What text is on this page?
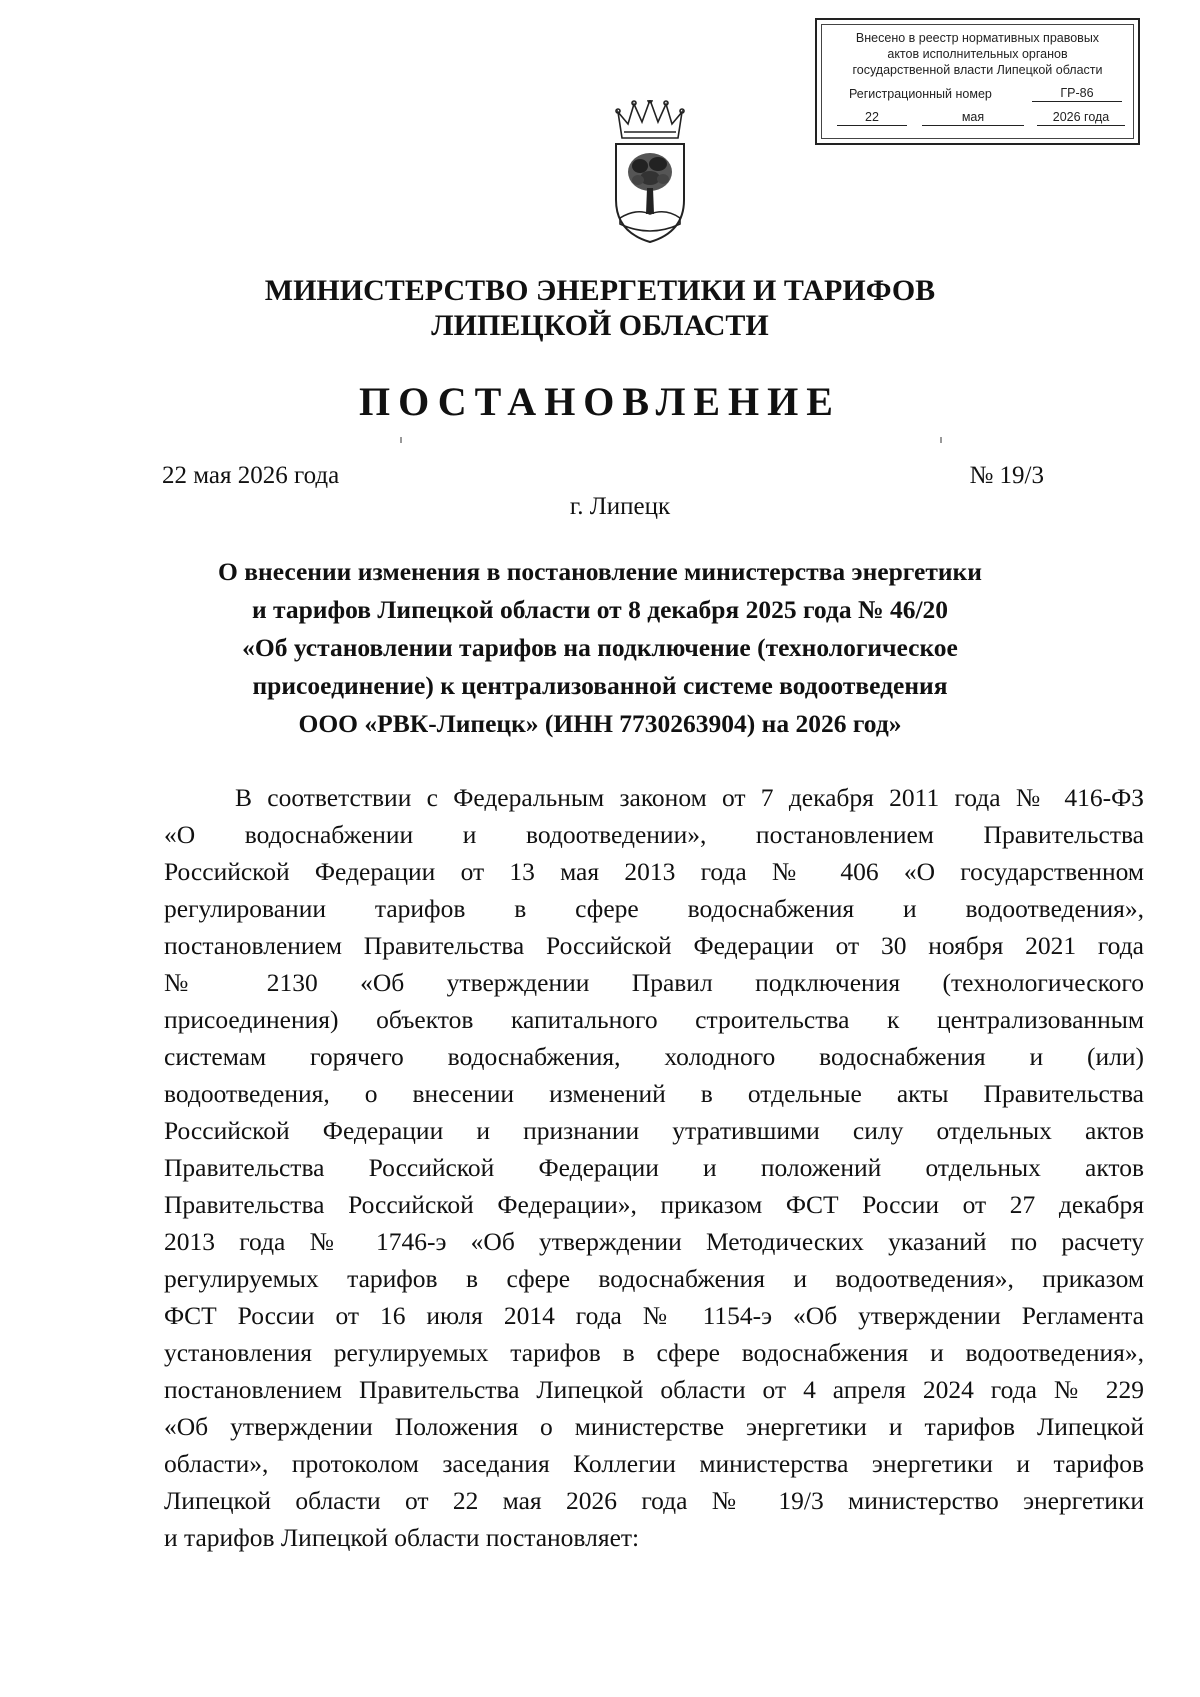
Внесено в реестр нормативных правовых
актов исполнительных органов
государственной власти Липецкой области
Регистрационный номер	ГР-86
22	мая	2026 года
МИНИСТЕРСТВО ЭНЕРГЕТИКИ И ТАРИФОВ
ЛИПЕЦКОЙ ОБЛАСТИ
ПОСТАНОВЛЕНИЕ
22 мая 2026 года	№ 19/3
г. Липецк
О внесении изменения в постановление министерства энергетики
и тарифов Липецкой области от 8 декабря 2025 года № 46/20
«Об установлении тарифов на подключение (технологическое
присоединение) к централизованной системе водоотведения
ООО «РВК-Липецк» (ИНН 7730263904) на 2026 год»
В соответствии с Федеральным законом от 7 декабря 2011 года № 416-ФЗ
«О водоснабжении и водоотведении», постановлением Правительства
Российской Федерации от 13 мая 2013 года № 406 «О государственном
регулировании тарифов в сфере водоснабжения и водоотведения»,
постановлением Правительства Российской Федерации от 30 ноября 2021 года
№ 2130 «Об утверждении Правил подключения (технологического
присоединения) объектов капитального строительства к централизованным
системам горячего водоснабжения, холодного водоснабжения и (или)
водоотведения, о внесении изменений в отдельные акты Правительства
Российской Федерации и признании утратившими силу отдельных актов
Правительства Российской Федерации и положений отдельных актов
Правительства Российской Федерации», приказом ФСТ России от 27 декабря
2013 года № 1746-э «Об утверждении Методических указаний по расчету
регулируемых тарифов в сфере водоснабжения и водоотведения», приказом
ФСТ России от 16 июля 2014 года № 1154-э «Об утверждении Регламента
установления регулируемых тарифов в сфере водоснабжения и водоотведения»,
постановлением Правительства Липецкой области от 4 апреля 2024 года № 229
«Об утверждении Положения о министерстве энергетики и тарифов Липецкой
области», протоколом заседания Коллегии министерства энергетики и тарифов
Липецкой области от 22 мая 2026 года № 19/3 министерство энергетики
и тарифов Липецкой области постановляет:
